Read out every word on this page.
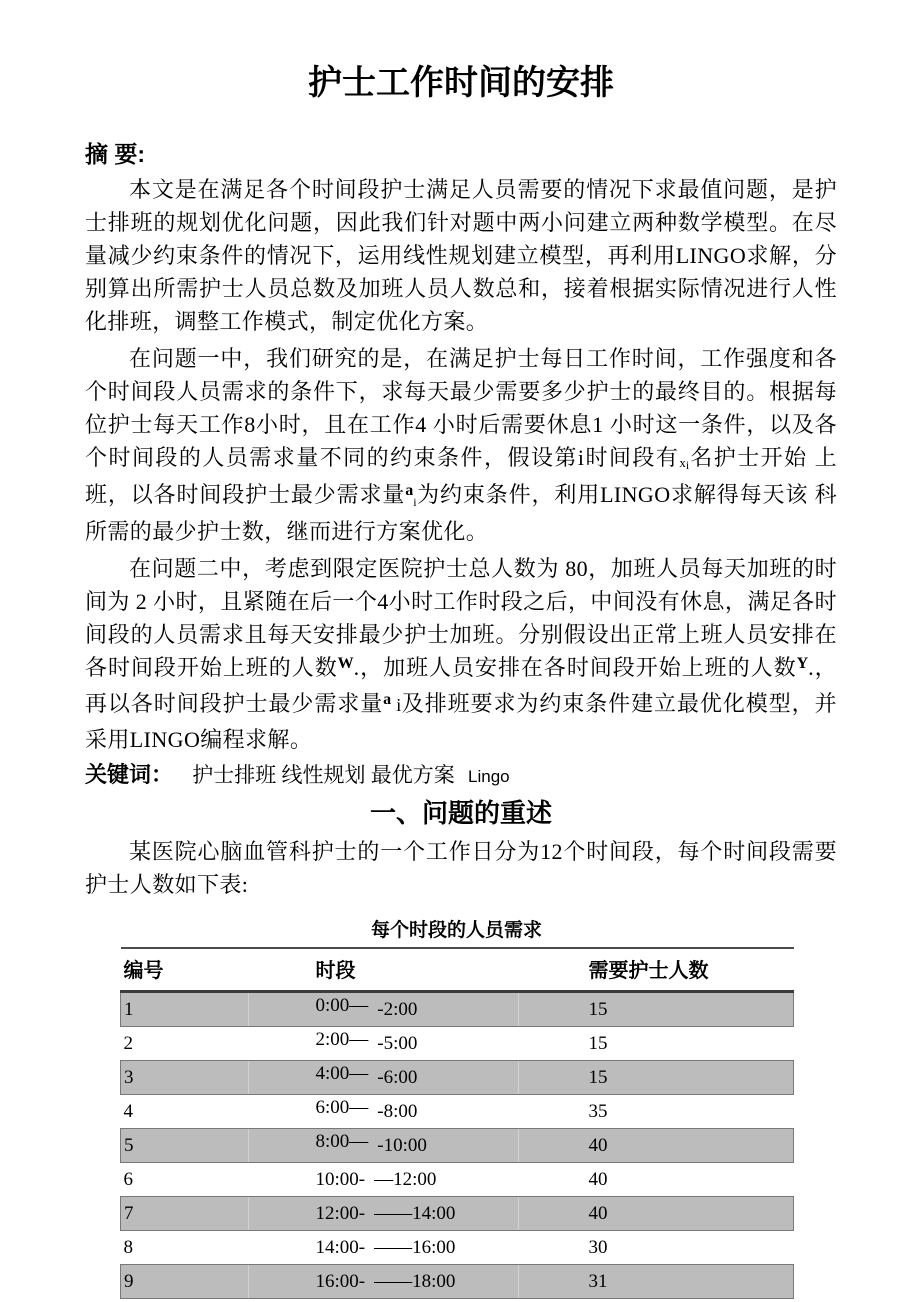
护士工作时间的安排
摘 要:

本文是在满足各个时间段护士满足人员需要的情况下求最值问题，是护士排班的规划优化问题，因此我们针对题中两小问建立两种数学模型。在尽量减少约束条件的情况下，运用线性规划建立模型，再利用LINGO求解，分别算出所需护士人员总数及加班人员人数总和，接着根据实际情况进行人性化排班，调整工作模式，制定优化方案。

在问题一中，我们研究的是，在满足护士每日工作时间，工作强度和各个时间段人员需求的条件下，求每天最少需要多少护士的最终目的。根据每位护士每天工作8小时，且在工作4 小时后需要休息1 小时这一条件，以及各个时间段的人员需求量不同的约束条件，假设第i时间段有xi名护士开始 上班，以各时间段护士最少需求量$^a$i为约束条件，利用LINGO求解得每天该 科所需的最少护士数，继而进行方案优化。

在问题二中，考虑到限定医院护士总人数为 80，加班人员每天加班的时间为 2 小时，且紧随在后一个4小时工作时段之后，中间没有休息，满足各时间段的人员需求且每天安排最少护士加班。分别假设出正常上班人员安排在各时间段开始上班的人数$^W$.，加班人员安排在各时间段开始上班的人数$^Y$.，再以各时间段护士最少需求量$^a$ i及排班要求为约束条件建立最优化模型，并采用LINGO编程求解。

关键词： 护士排班 线性规划 最优方案 Lingo
一、问题的重述

某医院心脑血管科护士的一个工作日分为12个时间段，每个时间段需要护士人数如下表:

每个时段的人员需求
编号	时段	需要护士人数
1	0:00— -2:00	15
2	2:00— -5:00	15
3	4:00— -6:00	15
4	6:00— -8:00	35
5	8:00— -10:00	40
6	10:00- —12:00	40
7	12:00- ——14:00	40
8	14:00- ——16:00	30
9	16:00- ——18:00	31
